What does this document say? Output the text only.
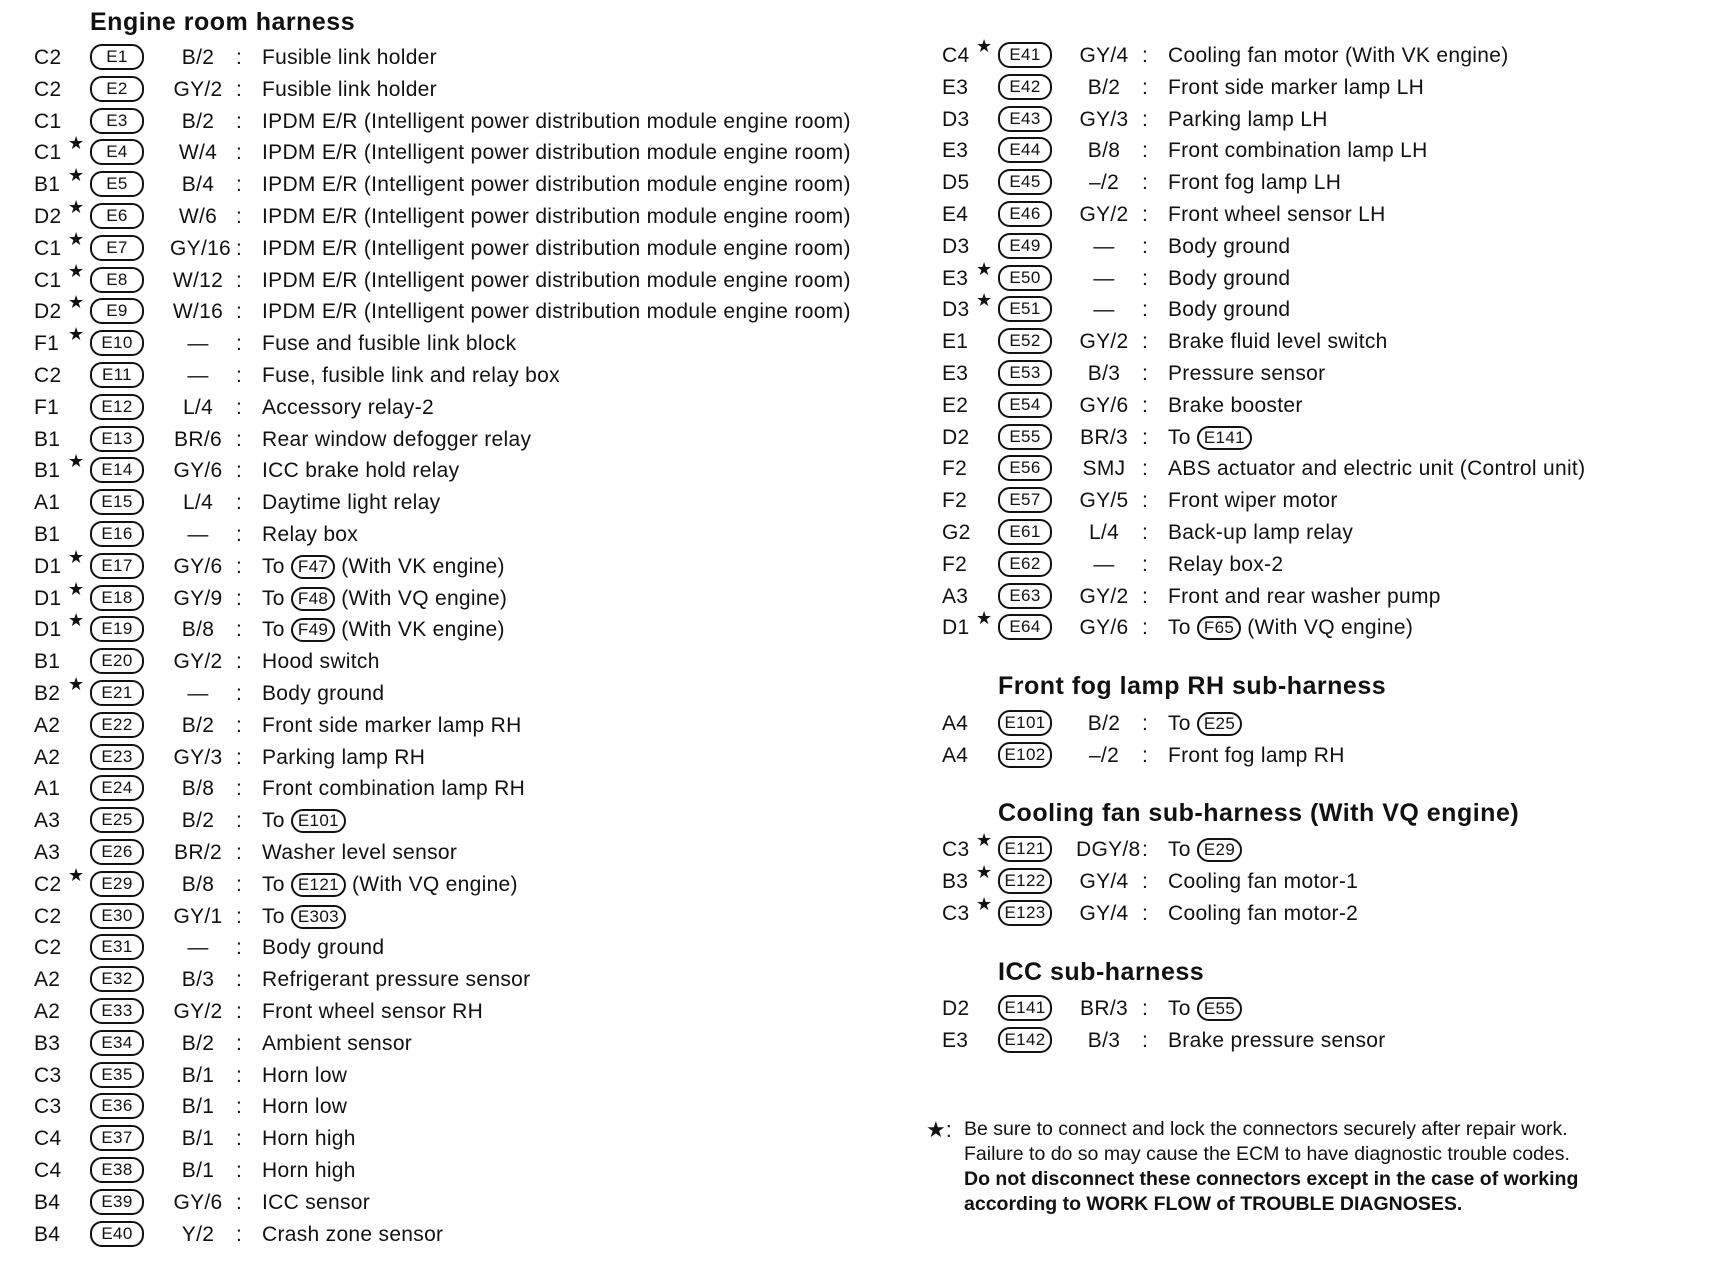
Engine room harness
C2	E1	B/2	: Fusible link holder
C2	E2	GY/2 : Fusible link holder
C1	E3	B/2	: IPDM E/R (Intelligent power distribution module engine room)
C1 ★	E4	W/4 : IPDM E/R (Intelligent power distribution module engine room)
B1 ★	E5	B/4	: IPDM E/R (Intelligent power distribution module engine room)
D2 ★	E6	W/6 : IPDM E/R (Intelligent power distribution module engine room)
C1 ★	E7	GY/16 : IPDM E/R (Intelligent power distribution module engine room)
C1 ★	E8	W/12 : IPDM E/R (Intelligent power distribution module engine room)
D2 ★	E9	W/16 : IPDM E/R (Intelligent power distribution module engine room)
F1 ★ E10	—	: Fuse and fusible link block
C2	E11	—	: Fuse, fusible link and relay box
F1	E12	L/4	: Accessory relay-2
B1	E13	BR/6 : Rear window defogger relay
B1 ★ E14	GY/6 : ICC brake hold relay
A1	E15	L/4	: Daytime light relay
B1	E16	—	: Relay box
D1 ★ E17	GY/6 : To F47 (With VK engine)
D1 ★ E18	GY/9 : To F48 (With VQ engine)
D1 ★ E19	B/8	: To F49 (With VK engine)
B1	E20	GY/2 : Hood switch
B2 ★ E21	—	: Body ground
A2	E22	B/2	: Front side marker lamp RH
A2	E23	GY/3 : Parking lamp RH
A1	E24	B/8	: Front combination lamp RH
A3	E25	B/2	: To E101
A3	E26	BR/2 : Washer level sensor
C2 ★ E29	B/8	: To E121 (With VQ engine)
C2	E30	GY/1 : To E303
C2	E31	—	: Body ground
A2	E32	B/3	: Refrigerant pressure sensor
A2	E33	GY/2 : Front wheel sensor RH
B3	E34	B/2	: Ambient sensor
C3	E35	B/1	: Horn low
C3	E36	B/1	: Horn low
C4	E37	B/1	: Horn high
C4	E38	B/1	: Horn high
B4	E39	GY/6 : ICC sensor
B4	E40	Y/2	: Crash zone sensor
C4 ★ E41	GY/4 : Cooling fan motor (With VK engine)
E3	E42	B/2	: Front side marker lamp LH
D3	E43	GY/3 : Parking lamp LH
E3	E44	B/8	: Front combination lamp LH
D5	E45	–/2	: Front fog lamp LH
E4	E46	GY/2 : Front wheel sensor LH
D3	E49	—	: Body ground
E3 ★ E50	—	: Body ground
D3 ★ E51	—	: Body ground
E1	E52	GY/2 : Brake fluid level switch
E3	E53	B/3	: Pressure sensor
E2	E54	GY/6 : Brake booster
D2	E55	BR/3 : To E141
F2	E56	SMJ : ABS actuator and electric unit (Control unit)
F2	E57	GY/5 : Front wiper motor
G2	E61	L/4	: Back-up lamp relay
F2	E62	—	: Relay box-2
A3	E63	GY/2 : Front and rear washer pump
D1 ★ E64	GY/6 : To F65 (With VQ engine)
Front fog lamp RH sub-harness
A4	E101	B/2	: To E25
A4	E102	–/2	: Front fog lamp RH
Cooling fan sub-harness (With VQ engine)
C3 ★ E121	DGY/8 : To E29
B3 ★ E122	GY/4 : Cooling fan motor-1
C3 ★ E123	GY/4 : Cooling fan motor-2
ICC sub-harness
D2	E141	BR/3 : To E55
E3	E142	B/3	: Brake pressure sensor
★: Be sure to connect and lock the connectors securely after repair work.
Failure to do so may cause the ECM to have diagnostic trouble codes.
Do not disconnect these connectors except in the case of working
according to WORK FLOW of TROUBLE DIAGNOSES.
